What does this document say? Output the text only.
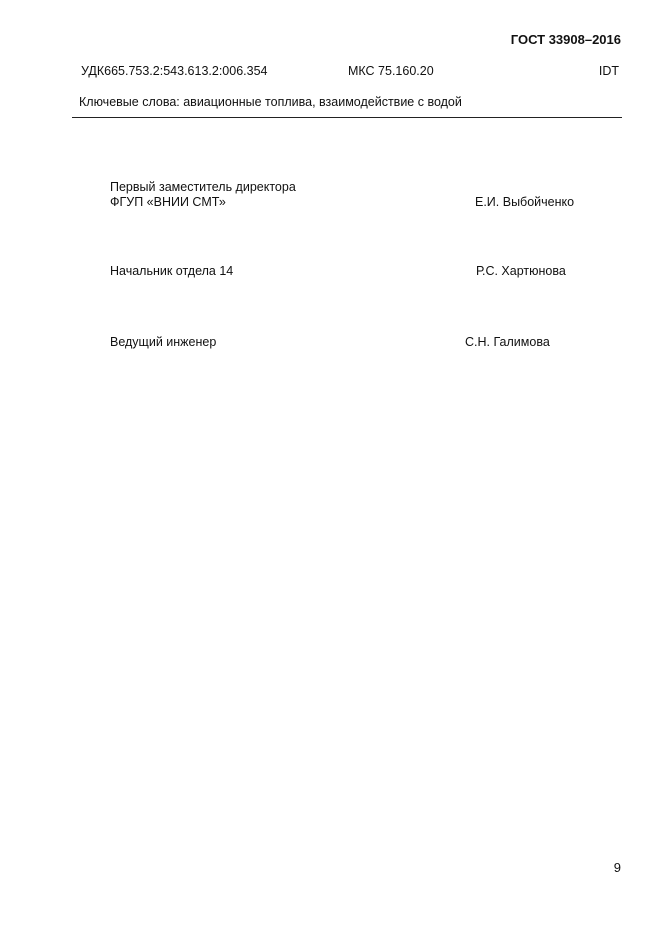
ГОСТ 33908–2016
УДК665.753.2:543.613.2:006.354	МКС 75.160.20	IDT
Ключевые слова: авиационные топлива, взаимодействие с водой
Первый заместитель директора
ФГУП «ВНИИ СМТ»	Е.И. Выбойченко
Начальник отдела 14	Р.С. Хартюнова
Ведущий инженер	С.Н. Галимова
9
